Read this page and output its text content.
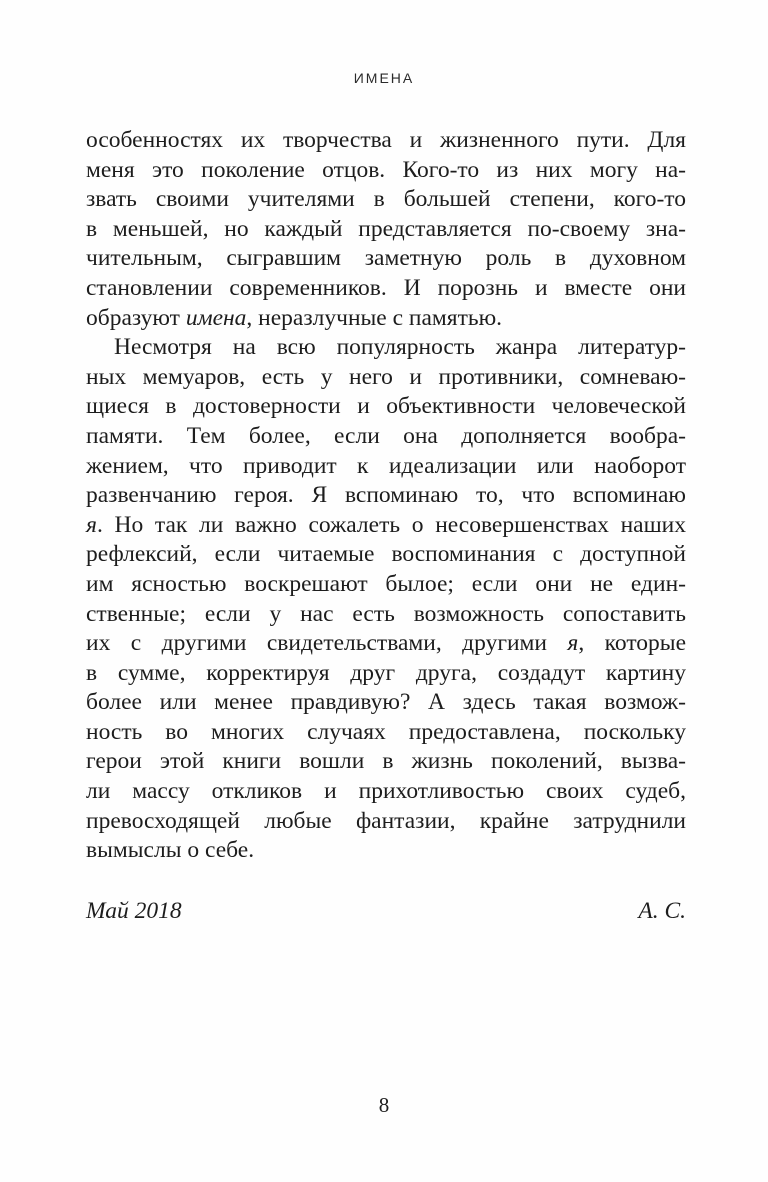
ИМЕНА
особенностях их творчества и жизненного пути. Для
меня это поколение отцов. Кого-то из них могу на-
звать своими учителями в большей степени, кого-то
в меньшей, но каждый представляется по-своему зна-
чительным, сыгравшим заметную роль в духовном
становлении современников. И порознь и вместе они
образуют имена, неразлучные с памятью.
Несмотря на всю популярность жанра литератур-
ных мемуаров, есть у него и противники, сомневаю-
щиеся в достоверности и объективности человеческой
памяти. Тем более, если она дополняется вообра-
жением, что приводит к идеализации или наоборот
развенчанию героя. Я вспоминаю то, что вспоминаю
я. Но так ли важно сожалеть о несовершенствах наших
рефлексий, если читаемые воспоминания с доступной
им ясностью воскрешают былое; если они не един-
ственные; если у нас есть возможность сопоставить
их с другими свидетельствами, другими я, которые
в сумме, корректируя друг друга, создадут картину
более или менее правдивую? А здесь такая возмож-
ность во многих случаях предоставлена, поскольку
герои этой книги вошли в жизнь поколений, вызва-
ли массу откликов и прихотливостью своих судеб,
превосходящей любые фантазии, крайне затруднили
вымыслы о себе.
Май 2018	А. С.
8
